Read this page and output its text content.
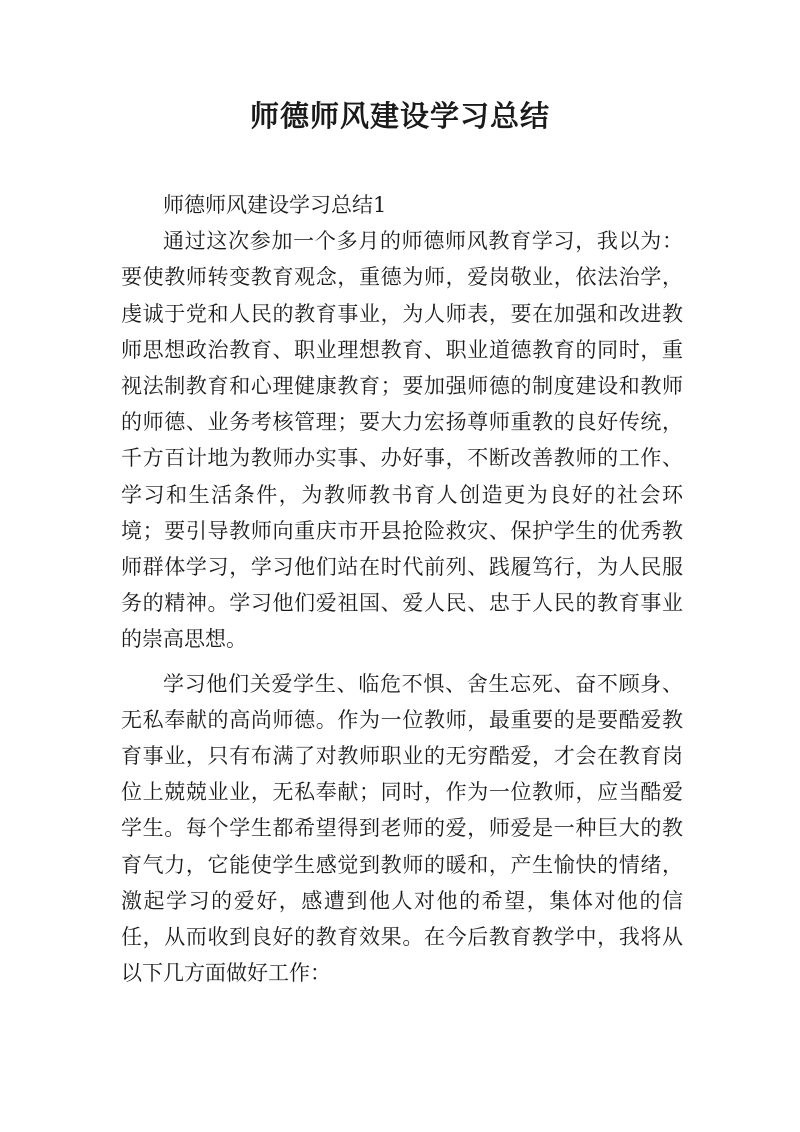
师德师风建设学习总结

师德师风建设学习总结1

通过这次参加一个多月的师德师风教育学习，我以为：要使教师转变教育观念，重德为师，爱岗敬业，依法治学，虔诚于党和人民的教育事业，为人师表，要在加强和改进教师思想政治教育、职业理想教育、职业道德教育的同时，重视法制教育和心理健康教育；要加强师德的制度建设和教师的师德、业务考核管理；要大力宏扬尊师重教的良好传统，千方百计地为教师办实事、办好事，不断改善教师的工作、学习和生活条件，为教师教书育人创造更为良好的社会环境；要引导教师向重庆市开县抢险救灾、保护学生的优秀教师群体学习，学习他们站在时代前列、践履笃行，为人民服务的精神。学习他们爱祖国、爱人民、忠于人民的教育事业的崇高思想。

学习他们关爱学生、临危不惧、舍生忘死、奋不顾身、无私奉献的高尚师德。作为一位教师，最重要的是要酷爱教育事业，只有布满了对教师职业的无穷酷爱，才会在教育岗位上兢兢业业，无私奉献；同时，作为一位教师，应当酷爱学生。每个学生都希望得到老师的爱，师爱是一种巨大的教育气力，它能使学生感觉到教师的暖和，产生愉快的情绪，激起学习的爱好，感遭到他人对他的希望，集体对他的信任，从而收到良好的教育效果。在今后教育教学中，我将从以下几方面做好工作：
